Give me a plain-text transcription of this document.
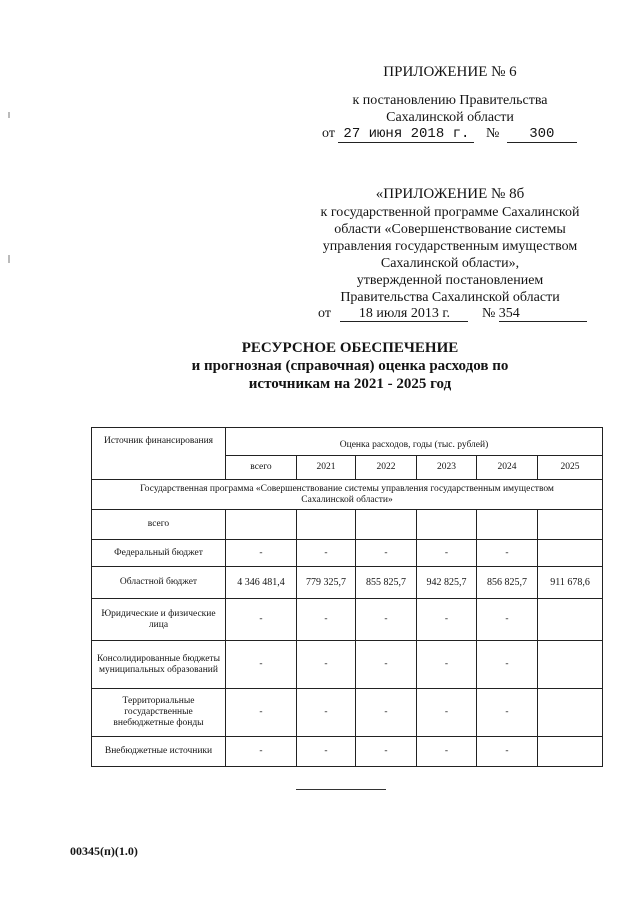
ПРИЛОЖЕНИЕ № 6
к постановлению Правительства
Сахалинской области
от 27 июня 2018 г. № 300
«ПРИЛОЖЕНИЕ № 8б
к государственной программе Сахалинской
области «Совершенствование системы
управления государственным имуществом
Сахалинской области»,
утвержденной постановлением
Правительства Сахалинской области
от 18 июля 2013 г. № 354
РЕСУРСНОЕ ОБЕСПЕЧЕНИЕ
и прогнозная (справочная) оценка расходов по
источникам на 2021 - 2025 год
Источник финансирования	Оценка расходов, годы (тыс. рублей)					
	всего	2021	2022	2023	2024	2025
Государственная программа «Совершенствование системы управления государственным имуществом Сахалинской области»						
всего						
Федеральный бюджет	-	-	-	-	-	
Областной бюджет	4 346 481,4	779 325,7	855 825,7	942 825,7	856 825,7	911 678,6
Юридические и физические лица	-	-	-	-	-	
Консолидированные бюджеты муниципальных образований	-	-	-	-	-	
Территориальные государственные внебюджетные фонды	-	-	-	-	-	
Внебюджетные источники	-	-	-	-	-	
00345(п)(1.0)
